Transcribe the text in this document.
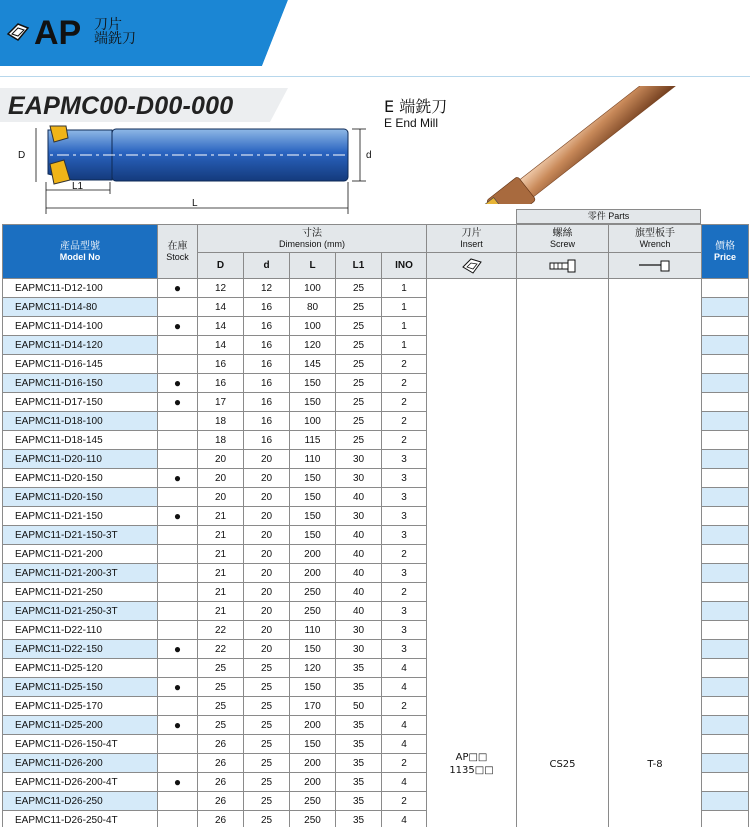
AP 刀片
端銑刀
EAPMC00-D00-000	E 端銑刀
E End Mill
D	d
L1
L
零件 Parts
產品型號
Model No	在庫
Stock	寸法
Dimension (mm)					刀片
Insert	螺絲
Screw	旗型板手
Wrench	價格
Price

		D	d	L	L1	INO			
EAPMC11-D12-100	●	12	12	100	25	1	AP□□
1135□□	CS25	T-8	
EAPMC11-D14-80		14	16	80	25	1				
EAPMC11-D14-100	●	14	16	100	25	1				
EAPMC11-D14-120		14	16	120	25	1				
EAPMC11-D16-145		16	16	145	25	2				
EAPMC11-D16-150	●	16	16	150	25	2				
EAPMC11-D17-150	●	17	16	150	25	2				
EAPMC11-D18-100		18	16	100	25	2				
EAPMC11-D18-145		18	16	115	25	2				
EAPMC11-D20-110		20	20	110	30	3				
EAPMC11-D20-150	●	20	20	150	30	3				
EAPMC11-D20-150		20	20	150	40	3				
EAPMC11-D21-150	●	21	20	150	30	3				
EAPMC11-D21-150-3T		21	20	150	40	3				
EAPMC11-D21-200		21	20	200	40	2				
EAPMC11-D21-200-3T		21	20	200	40	3				
EAPMC11-D21-250		21	20	250	40	2				
EAPMC11-D21-250-3T		21	20	250	40	3				
EAPMC11-D22-110		22	20	110	30	3				
EAPMC11-D22-150	●	22	20	150	30	3				
EAPMC11-D25-120		25	25	120	35	4				
EAPMC11-D25-150	●	25	25	150	35	4				
EAPMC11-D25-170		25	25	170	50	2				
EAPMC11-D25-200	●	25	25	200	35	4				
EAPMC11-D26-150-4T		26	25	150	35	4				
EAPMC11-D26-200		26	25	200	35	2				
EAPMC11-D26-200-4T	●	26	25	200	35	4				
EAPMC11-D26-250		26	25	250	35	2				
EAPMC11-D26-250-4T		26	25	250	35	4				
